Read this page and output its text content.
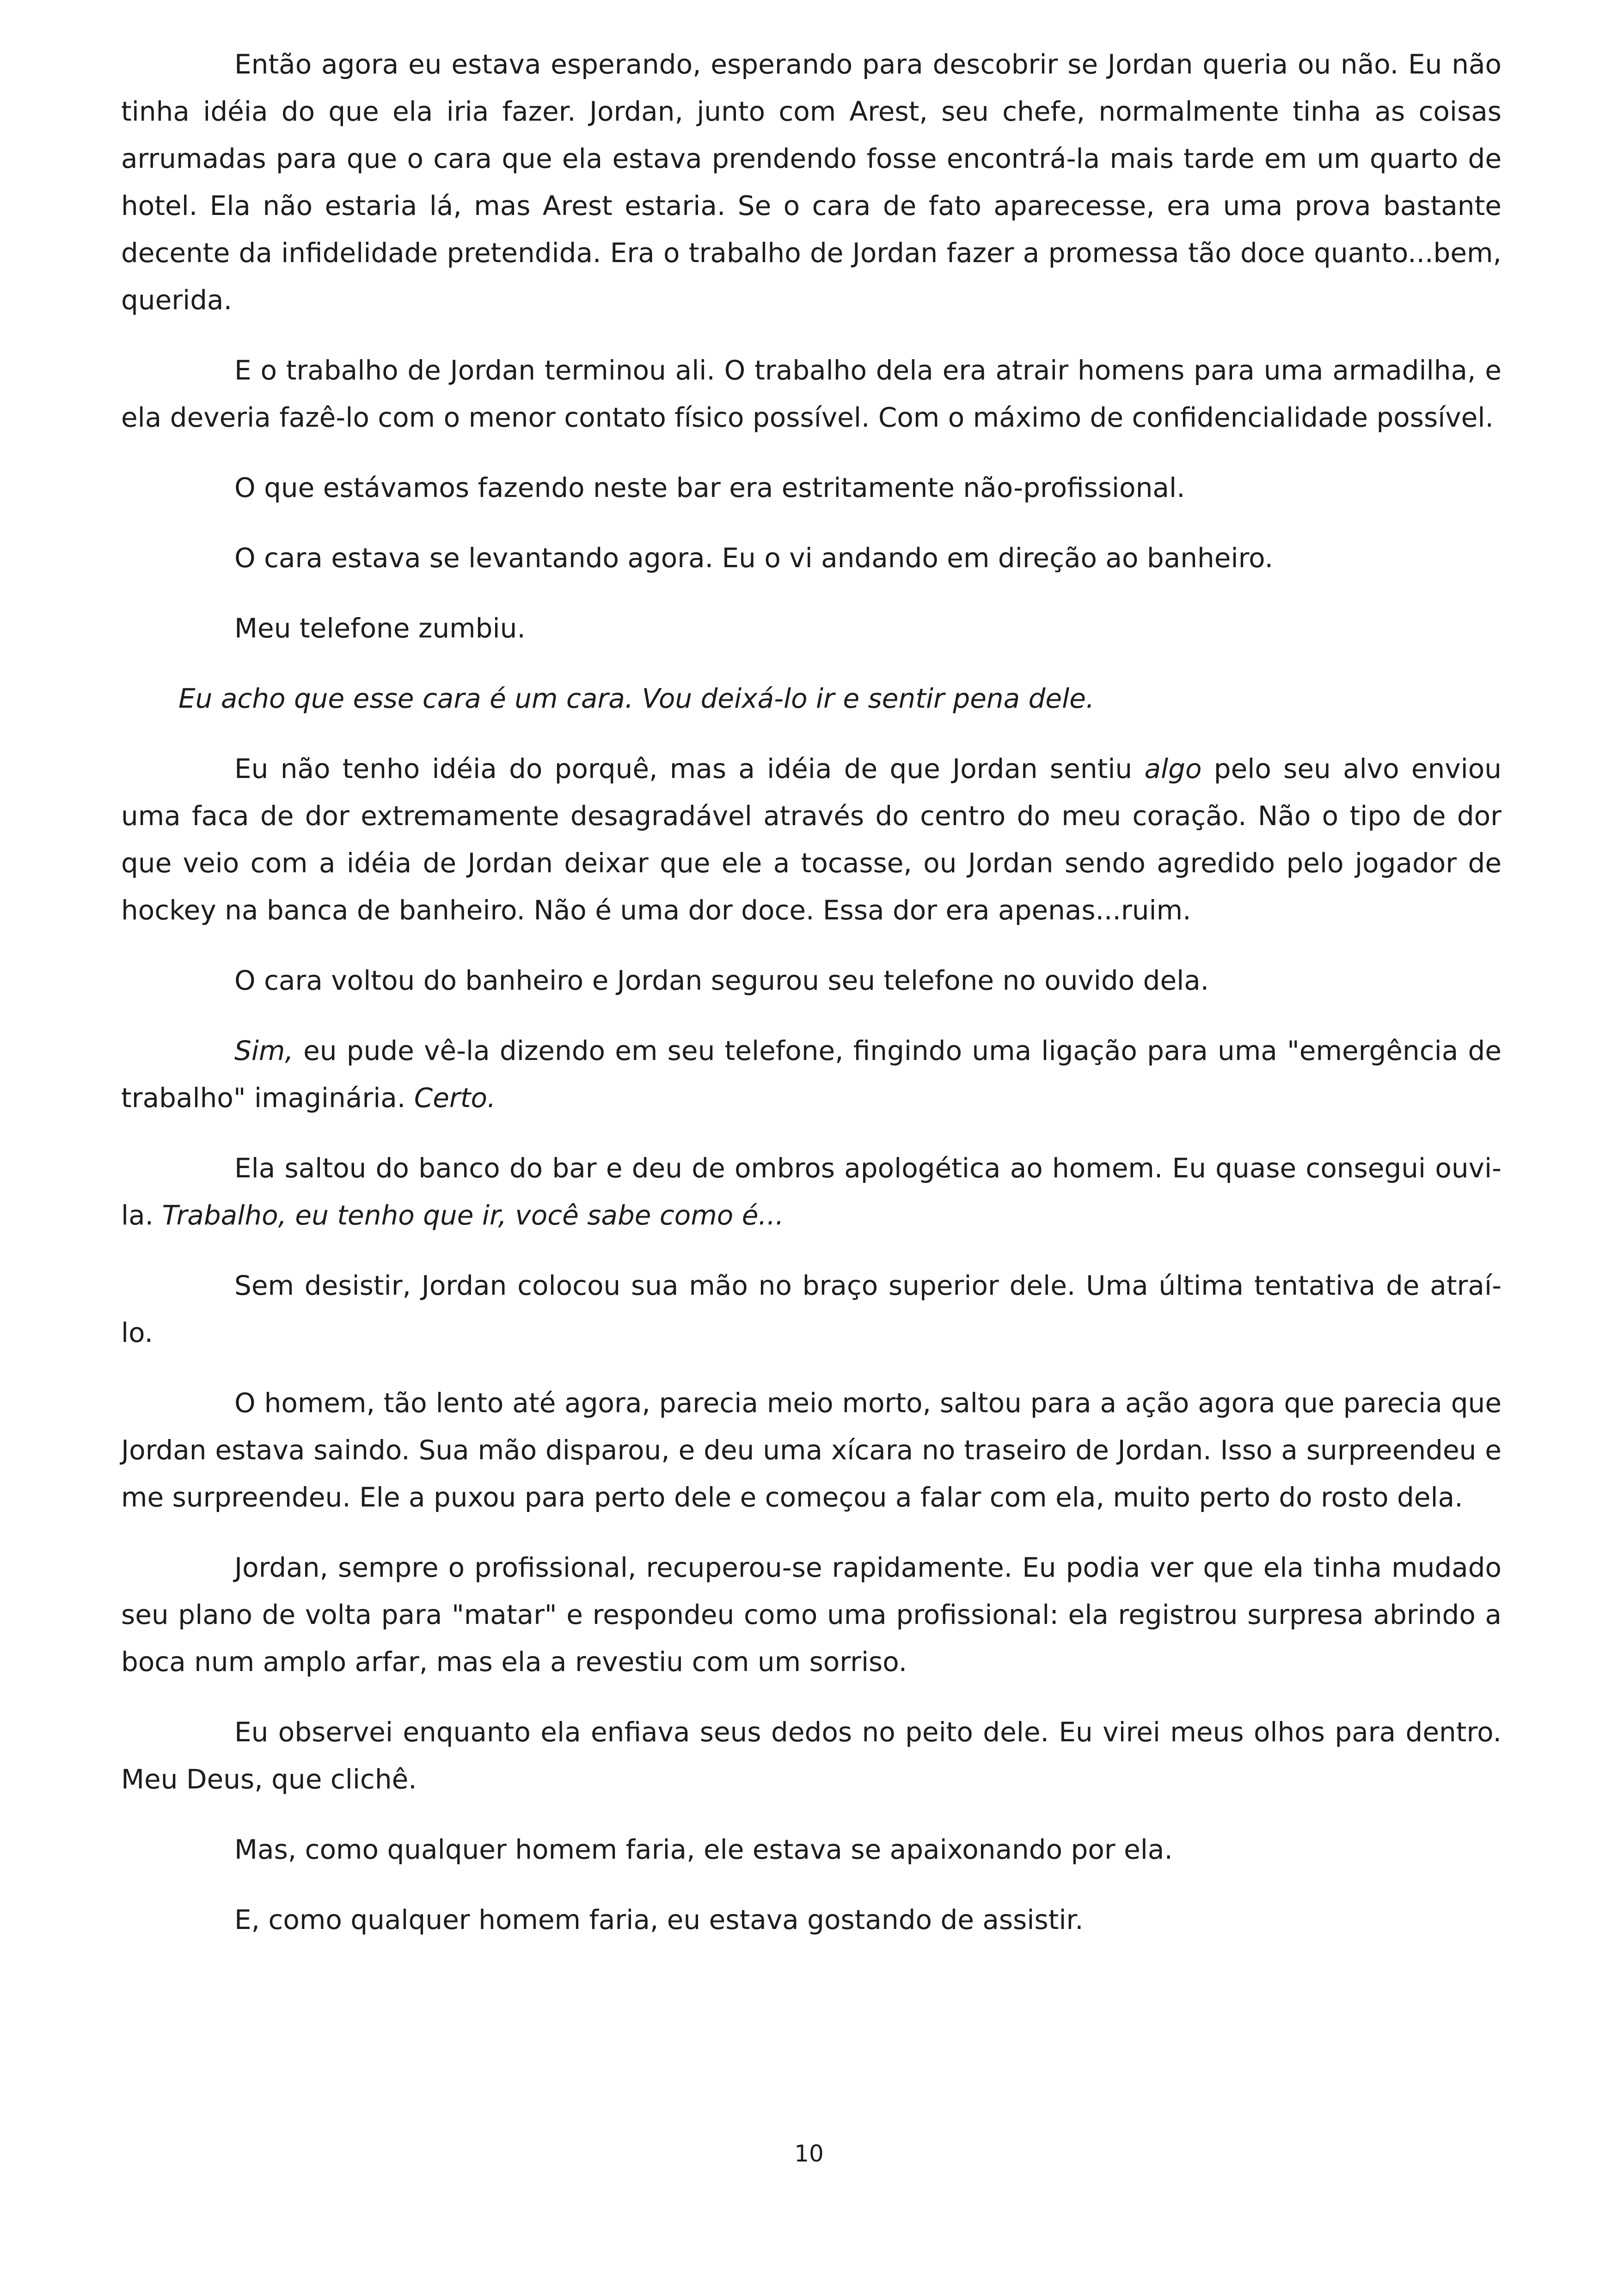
Então agora eu estava esperando, esperando para descobrir se Jordan queria ou não. Eu não tinha idéia do que ela iria fazer. Jordan, junto com Arest, seu chefe, normalmente tinha as coisas arrumadas para que o cara que ela estava prendendo fosse encontrá-la mais tarde em um quarto de hotel. Ela não estaria lá, mas Arest estaria. Se o cara de fato aparecesse, era uma prova bastante decente da infidelidade pretendida. Era o trabalho de Jordan fazer a promessa tão doce quanto...bem, querida.

E o trabalho de Jordan terminou ali. O trabalho dela era atrair homens para uma armadilha, e ela deveria fazê-lo com o menor contato físico possível. Com o máximo de confidencialidade possível.

O que estávamos fazendo neste bar era estritamente não-profissional.

O cara estava se levantando agora. Eu o vi andando em direção ao banheiro.

Meu telefone zumbiu.

Eu acho que esse cara é um cara. Vou deixá-lo ir e sentir pena dele.

Eu não tenho idéia do porquê, mas a idéia de que Jordan sentiu algo pelo seu alvo enviou uma faca de dor extremamente desagradável através do centro do meu coração. Não o tipo de dor que veio com a idéia de Jordan deixar que ele a tocasse, ou Jordan sendo agredido pelo jogador de hockey na banca de banheiro. Não é uma dor doce. Essa dor era apenas...ruim.

O cara voltou do banheiro e Jordan segurou seu telefone no ouvido dela.

Sim, eu pude vê-la dizendo em seu telefone, fingindo uma ligação para uma "emergência de trabalho" imaginária. Certo.

Ela saltou do banco do bar e deu de ombros apologética ao homem. Eu quase consegui ouvi-la. Trabalho, eu tenho que ir, você sabe como é...

Sem desistir, Jordan colocou sua mão no braço superior dele. Uma última tentativa de atraí-lo.

O homem, tão lento até agora, parecia meio morto, saltou para a ação agora que parecia que Jordan estava saindo. Sua mão disparou, e deu uma xícara no traseiro de Jordan. Isso a surpreendeu e me surpreendeu. Ele a puxou para perto dele e começou a falar com ela, muito perto do rosto dela.

Jordan, sempre o profissional, recuperou-se rapidamente. Eu podia ver que ela tinha mudado seu plano de volta para "matar" e respondeu como uma profissional: ela registrou surpresa abrindo a boca num amplo arfar, mas ela a revestiu com um sorriso.

Eu observei enquanto ela enfiava seus dedos no peito dele. Eu virei meus olhos para dentro. Meu Deus, que clichê.

Mas, como qualquer homem faria, ele estava se apaixonando por ela.

E, como qualquer homem faria, eu estava gostando de assistir.

10
